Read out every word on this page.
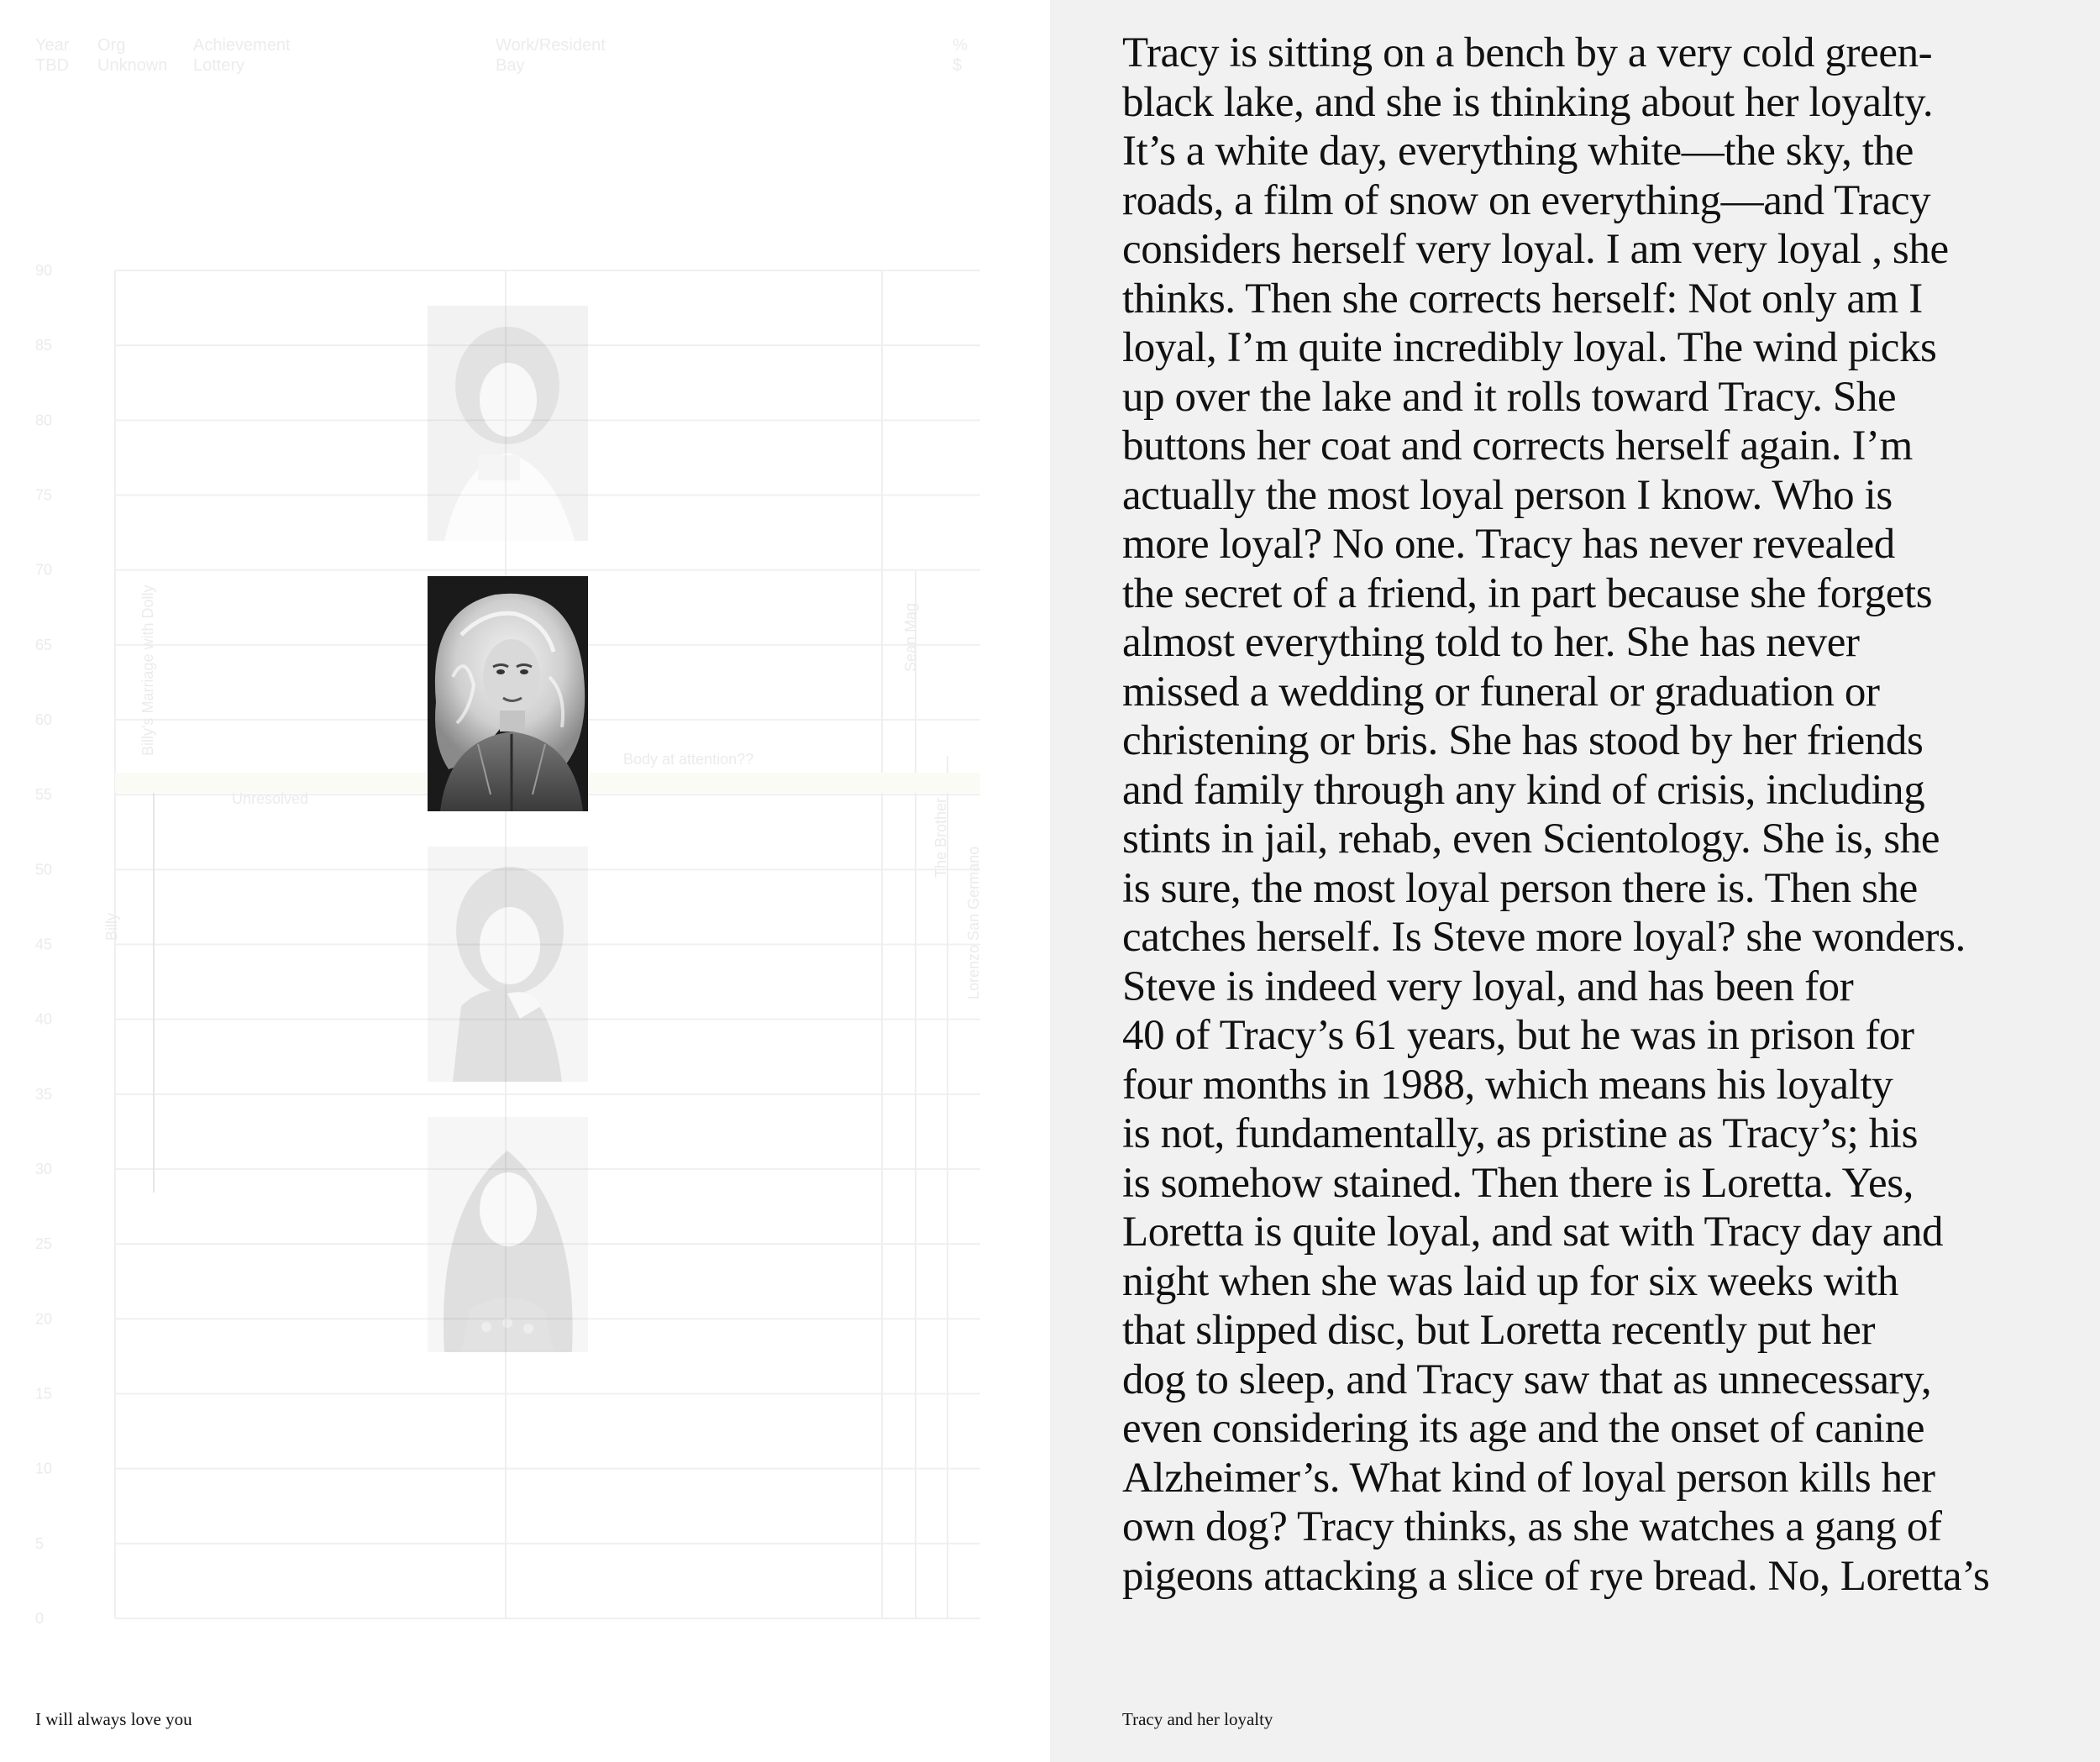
Year
TBD
Org
Unknown
Achievement
Lottery
Work/Resident
Bay
%
$
90
85
80
75
70
65
60
55
50
45
40
35
30
25
20
15
10
5
0
Billy's Marriage with Dolly
Billy
Unresolved
Body at attention??
Sean Mag
The Brother
Lorenzo San Germano
I will always love you
Tracy is sitting on a bench by a very cold green-
black lake, and she is thinking about her loyalty.
It’s a white day, everything white—the sky, the
roads, a film of snow on everything—and Tracy
considers herself very loyal. I am very loyal , she
thinks. Then she corrects herself: Not only am I
loyal, I’m quite incredibly loyal. The wind picks
up over the lake and it rolls toward Tracy. She
buttons her coat and corrects herself again. I’m
actually the most loyal person I know. Who is
more loyal? No one. Tracy has never revealed
the secret of a friend, in part because she forgets
almost everything told to her. She has never
missed a wedding or funeral or graduation or
christening or bris. She has stood by her friends
and family through any kind of crisis, including
stints in jail, rehab, even Scientology. She is, she
is sure, the most loyal person there is. Then she
catches herself. Is Steve more loyal? she wonders.
Steve is indeed very loyal, and has been for
40 of Tracy’s 61 years, but he was in prison for
four months in 1988, which means his loyalty
is not, fundamentally, as pristine as Tracy’s; his
is somehow stained. Then there is Loretta. Yes,
Loretta is quite loyal, and sat with Tracy day and
night when she was laid up for six weeks with
that slipped disc, but Loretta recently put her
dog to sleep, and Tracy saw that as unnecessary,
even considering its age and the onset of canine
Alzheimer’s. What kind of loyal person kills her
own dog? Tracy thinks, as she watches a gang of
pigeons attacking a slice of rye bread. No, Loretta’s
Tracy and her loyalty
